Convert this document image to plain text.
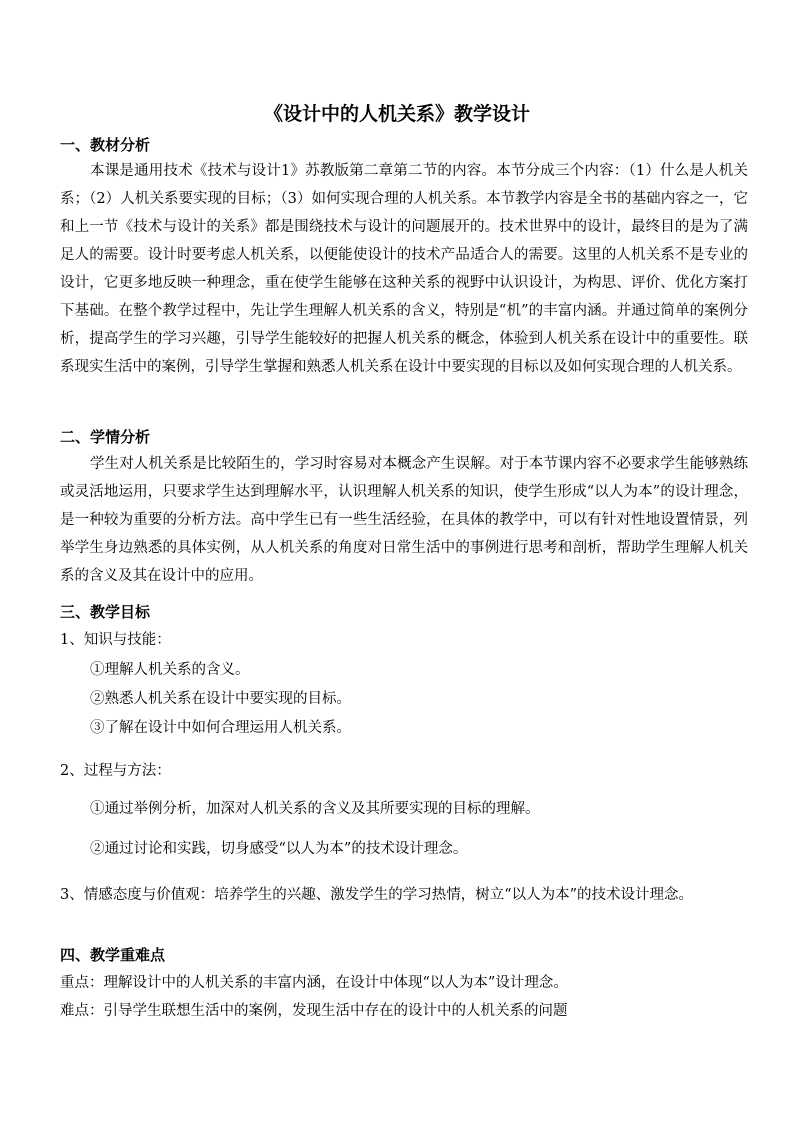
《设计中的人机关系》教学设计
一、教材分析
本课是通用技术《技术与设计1》苏教版第二章第二节的内容。本节分成三个内容：（1）什么是人机关系；（2）人机关系要实现的目标；（3）如何实现合理的人机关系。本节教学内容是全书的基础内容之一，它和上一节《技术与设计的关系》都是围绕技术与设计的问题展开的。技术世界中的设计，最终目的是为了满足人的需要。设计时要考虑人机关系，以便能使设计的技术产品适合人的需要。这里的人机关系不是专业的设计，它更多地反映一种理念，重在使学生能够在这种关系的视野中认识设计，为构思、评价、优化方案打下基础。在整个教学过程中，先让学生理解人机关系的含义，特别是“机”的丰富内涵。并通过简单的案例分析，提高学生的学习兴趣，引导学生能较好的把握人机关系的概念，体验到人机关系在设计中的重要性。联系现实生活中的案例，引导学生掌握和熟悉人机关系在设计中要实现的目标以及如何实现合理的人机关系。
二、学情分析
学生对人机关系是比较陌生的，学习时容易对本概念产生误解。对于本节课内容不必要求学生能够熟练或灵活地运用，只要求学生达到理解水平，认识理解人机关系的知识，使学生形成“以人为本”的设计理念，是一种较为重要的分析方法。高中学生已有一些生活经验，在具体的教学中，可以有针对性地设置情景，列举学生身边熟悉的具体实例，从人机关系的角度对日常生活中的事例进行思考和剖析，帮助学生理解人机关系的含义及其在设计中的应用。
三、教学目标
1、知识与技能：
①理解人机关系的含义。
②熟悉人机关系在设计中要实现的目标。
③了解在设计中如何合理运用人机关系。
2、过程与方法：
①通过举例分析，加深对人机关系的含义及其所要实现的目标的理解。
②通过讨论和实践，切身感受“以人为本”的技术设计理念。
3、情感态度与价值观：培养学生的兴趣、激发学生的学习热情，树立“以人为本”的技术设计理念。
四、教学重难点
重点：理解设计中的人机关系的丰富内涵，在设计中体现“以人为本”设计理念。
难点：引导学生联想生活中的案例，发现生活中存在的设计中的人机关系的问题
